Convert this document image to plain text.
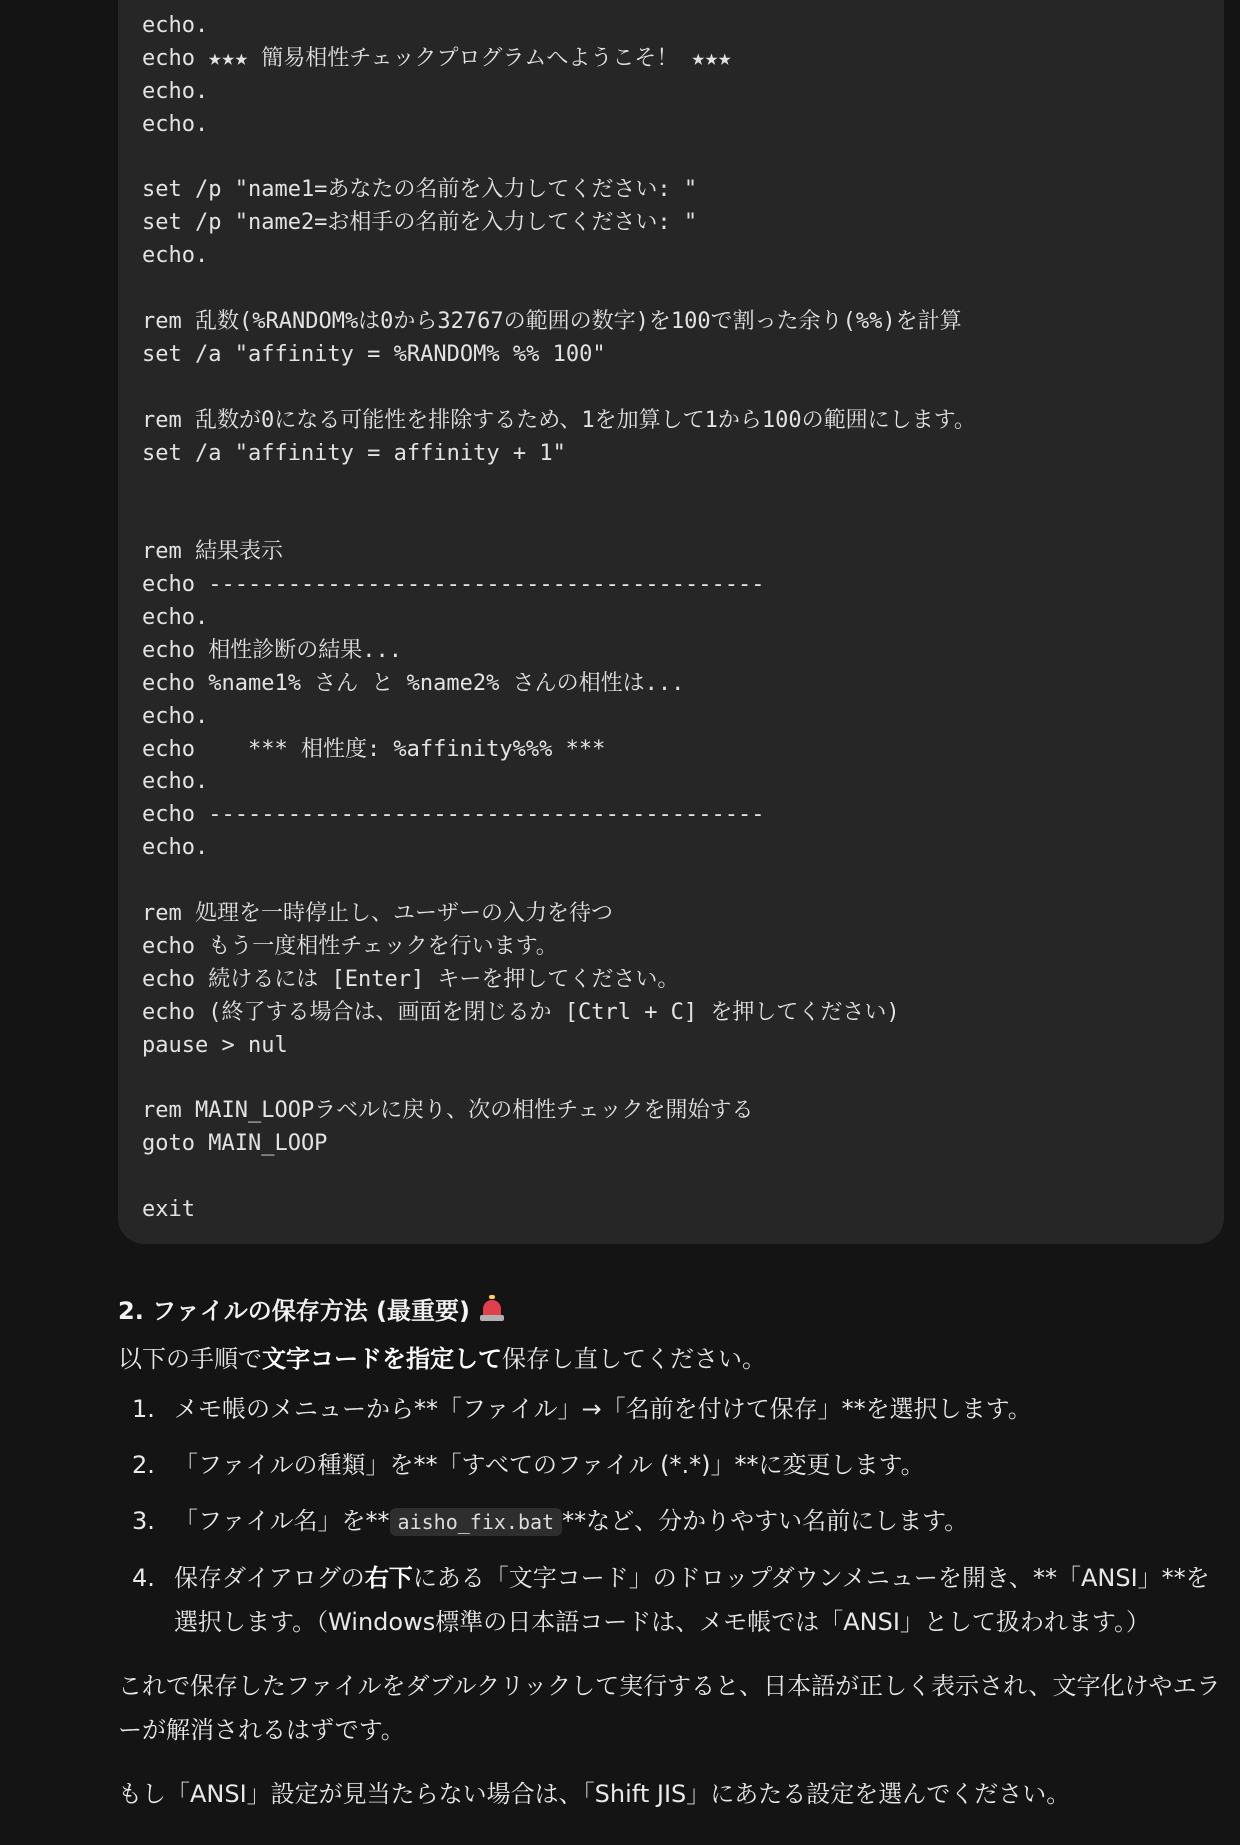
echo.
echo ★★★ 簡易相性チェックプログラムへようこそ！ ★★★
echo.
echo.
set /p "name1=あなたの名前を入力してください: "
set /p "name2=お相手の名前を入力してください: "
echo.
rem 乱数(%RANDOM%は0から32767の範囲の数字)を100で割った余り(%%)を計算
set /a "affinity = %RANDOM% %% 100"
rem 乱数が0になる可能性を排除するため、1を加算して1から100の範囲にします。
set /a "affinity = affinity + 1"
rem 結果表示
echo ------------------------------------------
echo.
echo 相性診断の結果...
echo %name1% さん と %name2% さんの相性は...
echo.
echo    *** 相性度: %affinity%%% ***
echo.
echo ------------------------------------------
echo.
rem 処理を一時停止し、ユーザーの入力を待つ
echo もう一度相性チェックを行います。
echo 続けるには [Enter] キーを押してください。
echo (終了する場合は、画面を閉じるか [Ctrl + C] を押してください)
pause > nul
rem MAIN_LOOPラベルに戻り、次の相性チェックを開始する
goto MAIN_LOOP
exit
2. ファイルの保存方法 (最重要)

以下の手順で文字コードを指定して保存し直してください。

1. メモ帳のメニューから**「ファイル」→「名前を付けて保存」**を選択します。
2. 「ファイルの種類」を**「すべてのファイル (*.*)」**に変更します。
3. 「ファイル名」を** aisho_fix.bat **など、分かりやすい名前にします。
4. 保存ダイアログの右下にある「文字コード」のドロップダウンメニューを開き、**「ANSI」**を選択します。（Windows標準の日本語コードは、メモ帳では「ANSI」として扱われます。）

これで保存したファイルをダブルクリックして実行すると、日本語が正しく表示され、文字化けやエラーが解消されるはずです。

もし「ANSI」設定が見当たらない場合は、「Shift JIS」にあたる設定を選んでください。
